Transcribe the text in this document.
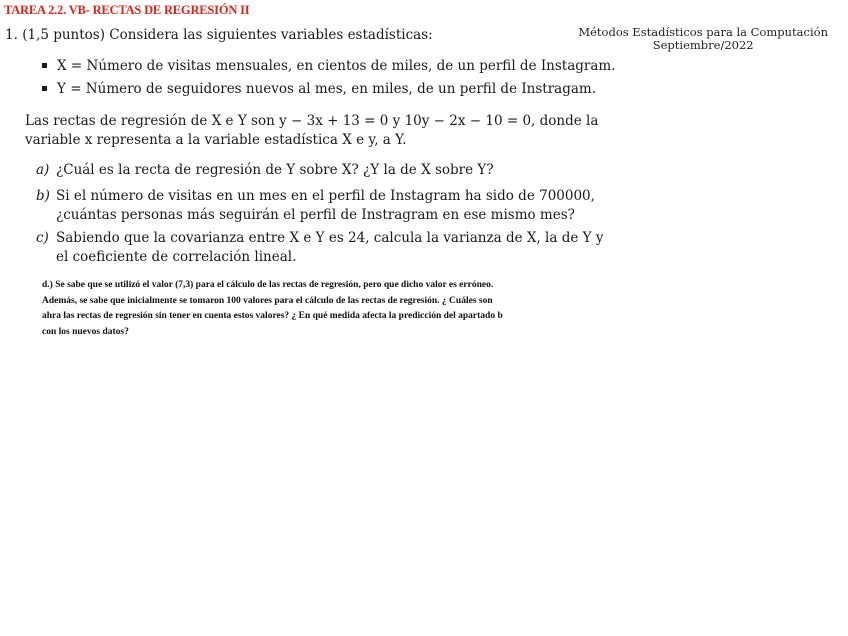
TAREA 2.2. VB- RECTAS DE REGRESIÓN II
Métodos Estadísticos para la Computación
Septiembre/2022
1. (1,5 puntos) Considera las siguientes variables estadísticas:
X = Número de visitas mensuales, en cientos de miles, de un perfil de Instagram.
Y = Número de seguidores nuevos al mes, en miles, de un perfil de Instragam.
Las rectas de regresión de X e Y son y − 3x + 13 = 0 y 10y − 2x − 10 = 0, donde la
variable x representa a la variable estadística X e y, a Y.
a) ¿Cuál es la recta de regresión de Y sobre X? ¿Y la de X sobre Y?
b) Si el número de visitas en un mes en el perfil de Instagram ha sido de 700000,
¿cuántas personas más seguirán el perfil de Instragram en ese mismo mes?
c) Sabiendo que la covarianza entre X e Y es 24, calcula la varianza de X, la de Y y
el coeficiente de correlación lineal.
d.) Se sabe que se utilizó el valor (7,3) para el cálculo de las rectas de regresión, pero que dicho valor es erróneo.
Además, se sabe que inicialmente se tomaron 100 valores para el cálculo de las rectas de regresión. ¿ Cuáles son
ahra las rectas de regresión sin tener en cuenta estos valores? ¿ En qué medida afecta la predicción del apartado b
con los nuevos datos?
